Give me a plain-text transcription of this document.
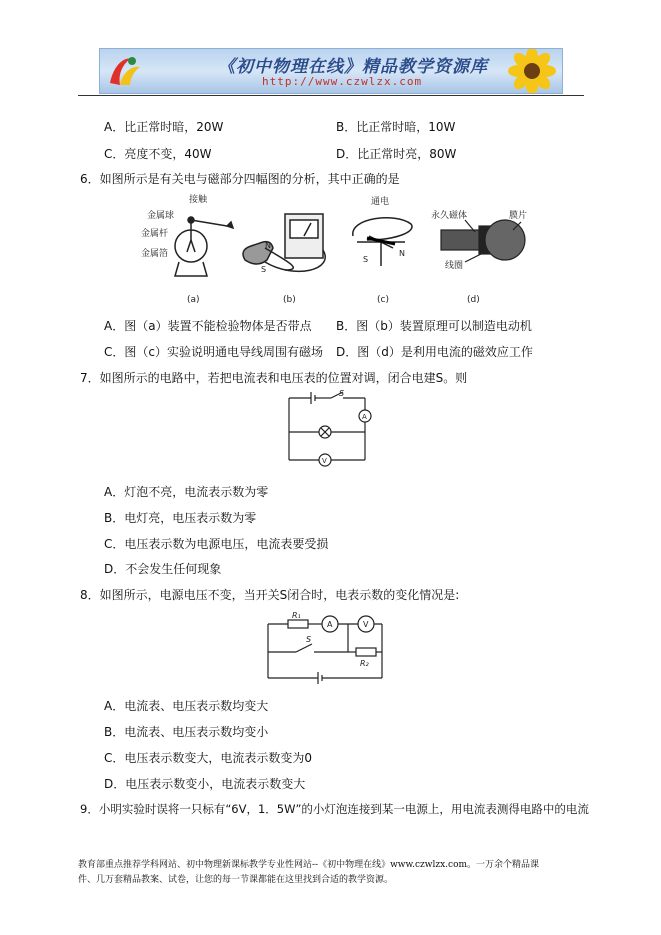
《初中物理在线》精品教学资源库
http://www.czwlzx.com
A．比正常时暗，20W	B．比正常时暗，10W
C．亮度不变，40W	D．比正常时亮，80W
6．如图所示是有关电与磁部分四幅图的分析，其中正确的是
接触
金属球
金属杆
金属箔
(a)
N
S
(b)
通电
S
N
(c)
永久磁体	膜片
线圈
(d)
A．图（a）装置不能检验物体是否带点 B．图（b）装置原理可以制造电动机
C．图（c）实验说明通电导线周围有磁场 D．图（d）是利用电流的磁效应工作
7．如图所示的电路中，若把电流表和电压表的位置对调，闭合电建S。则
S
A
V
A．灯泡不亮，电流表示数为零
B．电灯亮，电压表示数为零
C．电压表示数为电源电压，电流表要受损
D．不会发生任何现象
8．如图所示，电源电压不变，当开关S闭合时，电表示数的变化情况是:
R₁
R₂
S
A	V
A．电流表、电压表示数均变大
B．电流表、电压表示数均变小
C．电压表示数变大，电流表示数变为0
D．电压表示数变小，电流表示数变大
9．小明实验时误将一只标有“6V，1．5W”的小灯泡连接到某一电源上，用电流表测得电路中的电流
教育部重点推荐学科网站、初中物理新课标教学专业性网站--《初中物理在线》www.czwlzx.com。一万余个精品课
件、几万套精品教案、试卷，让您的每一节课都能在这里找到合适的教学资源。
